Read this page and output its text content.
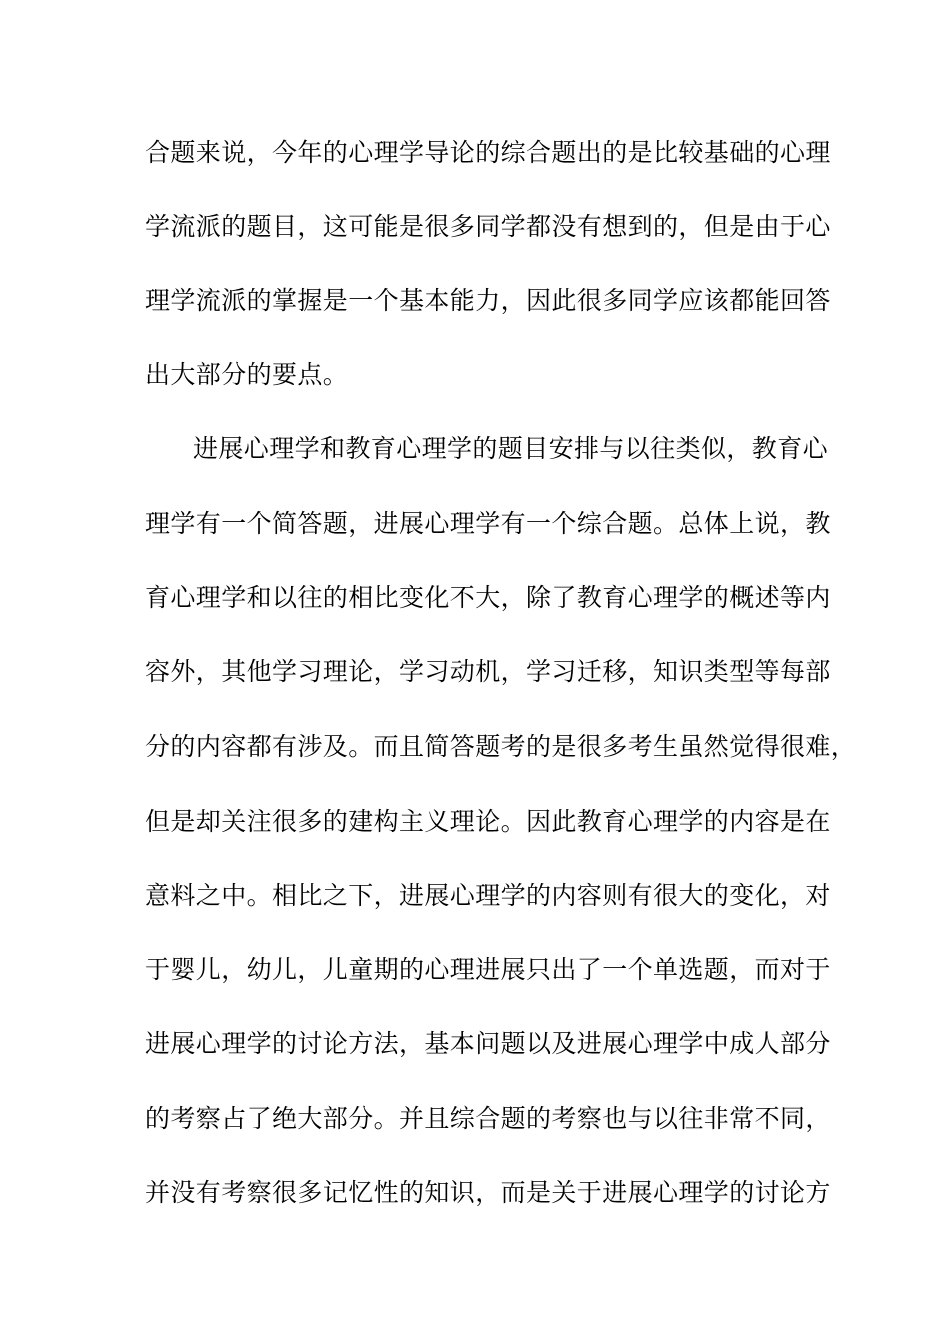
合题来说，今年的心理学导论的综合题出的是比较基础的心理
学流派的题目，这可能是很多同学都没有想到的，但是由于心
理学流派的掌握是一个基本能力，因此很多同学应该都能回答
出大部分的要点。
进展心理学和教育心理学的题目安排与以往类似，教育心
理学有一个简答题，进展心理学有一个综合题。总体上说，教
育心理学和以往的相比变化不大，除了教育心理学的概述等内
容外，其他学习理论，学习动机，学习迁移，知识类型等每部
分的内容都有涉及。而且简答题考的是很多考生虽然觉得很难，
但是却关注很多的建构主义理论。因此教育心理学的内容是在
意料之中。相比之下，进展心理学的内容则有很大的变化，对
于婴儿，幼儿，儿童期的心理进展只出了一个单选题，而对于
进展心理学的讨论方法，基本问题以及进展心理学中成人部分
的考察占了绝大部分。并且综合题的考察也与以往非常不同，
并没有考察很多记忆性的知识，而是关于进展心理学的讨论方
